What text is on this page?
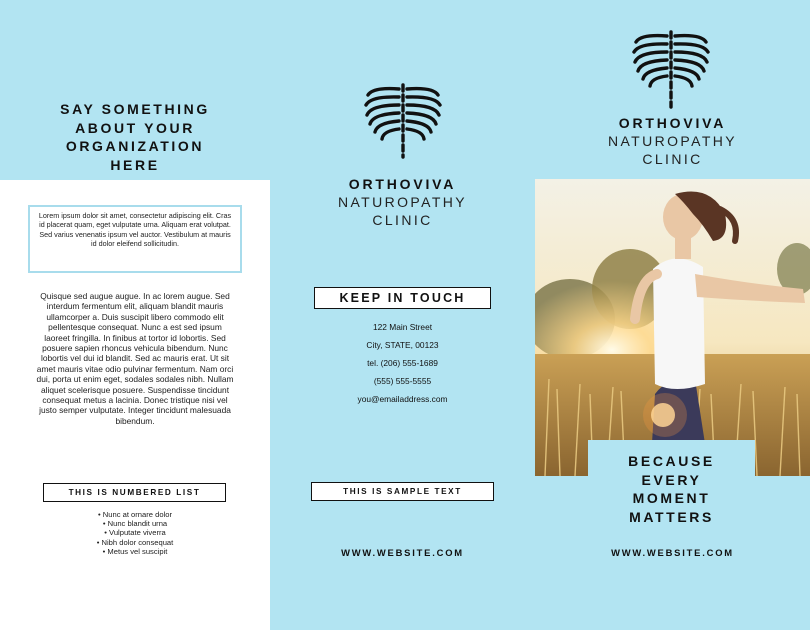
SAY SOMETHING
ABOUT YOUR
ORGANIZATION
HERE
Lorem ipsum dolor sit amet, consectetur adipiscing elit. Cras id placerat quam, eget vulputate urna. Aliquam erat volutpat. Sed varius venenatis ipsum vel auctor. Vestibulum at mauris id dolor eleifend sollicitudin.
Quisque sed augue augue. In ac lorem augue. Sed interdum fermentum elit, aliquam blandit mauris ullamcorper a. Duis suscipit libero commodo elit pellentesque consequat. Nunc a est sed ipsum laoreet fringilla. In finibus at tortor id lobortis. Sed posuere sapien rhoncus vehicula bibendum. Nunc lobortis vel dui id blandit. Sed ac mauris erat. Ut sit amet mauris vitae odio pulvinar fermentum. Nam orci dui, porta ut enim eget, sodales sodales nibh. Nullam aliquet scelerisque posuere. Suspendisse tincidunt consequat metus a lacinia. Donec tristique nisi vel justo semper vulputate. Integer tincidunt malesuada bibendum.
THIS IS NUMBERED LIST
• Nunc at ornare dolor
• Nunc blandit urna
• Vulputate viverra
• Nibh dolor consequat
• Metus vel suscipit
ORTHOVIVA
NATUROPATHY
CLINIC
KEEP IN TOUCH
122 Main Street
City, STATE, 00123
tel. (206) 555-1689
(555) 555-5555
you@emailaddress.com
THIS IS SAMPLE TEXT
WWW.WEBSITE.COM
ORTHOVIVA
NATUROPATHY
CLINIC
BECAUSE
EVERY
MOMENT
MATTERS
WWW.WEBSITE.COM
